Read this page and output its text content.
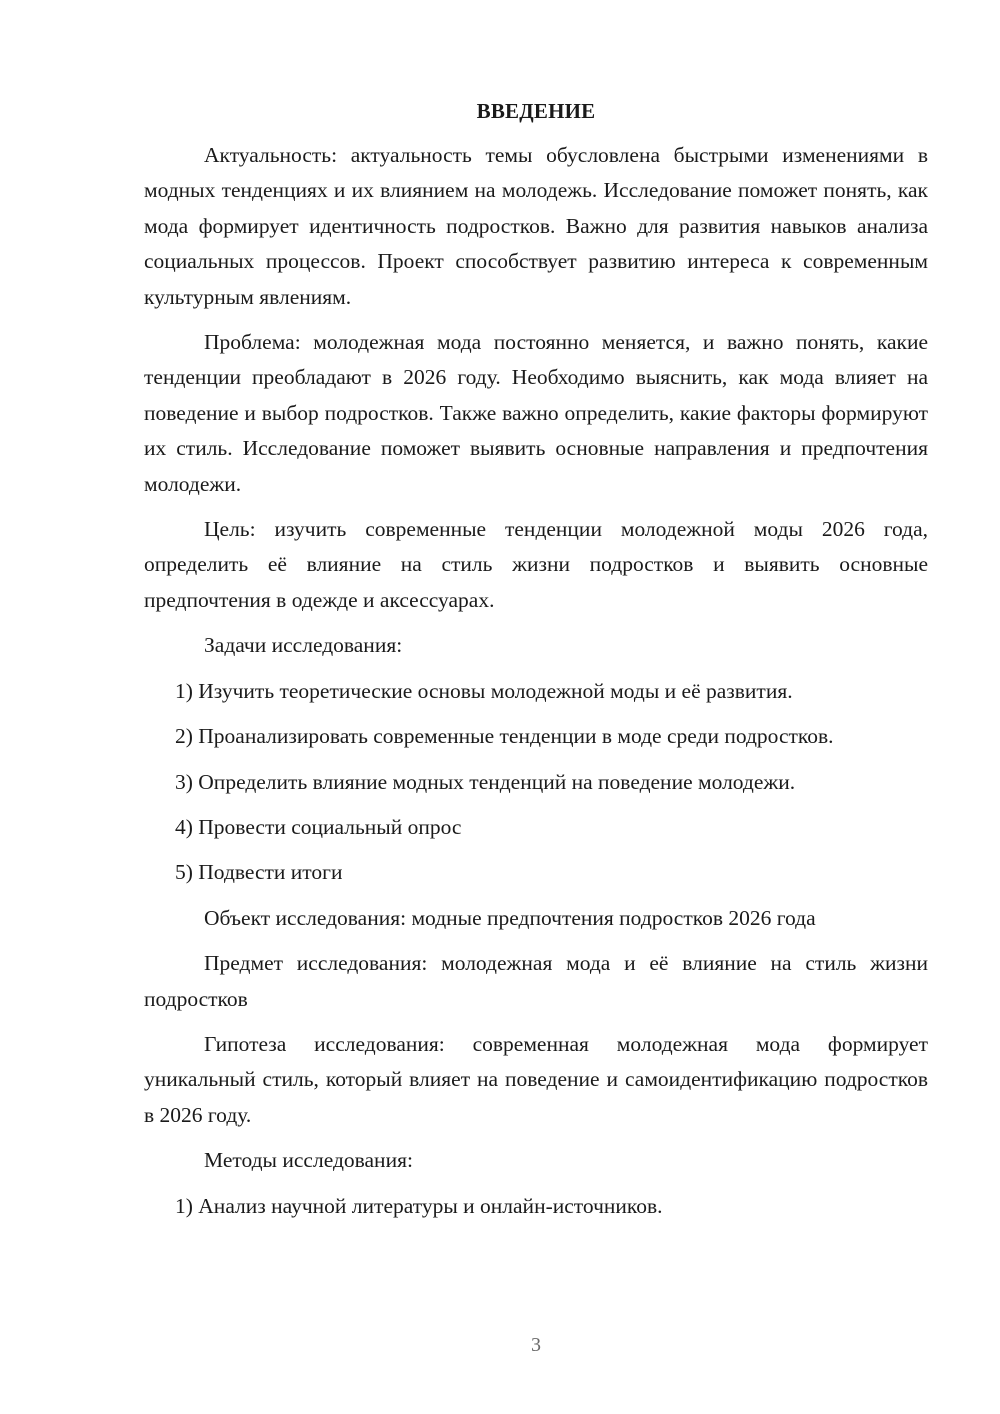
ВВЕДЕНИЕ

Актуальность: актуальность темы обусловлена быстрыми изменениями в модных тенденциях и их влиянием на молодежь. Исследование поможет понять, как мода формирует идентичность подростков. Важно для развития навыков анализа социальных процессов. Проект способствует развитию интереса к современным культурным явлениям.

Проблема: молодежная мода постоянно меняется, и важно понять, какие тенденции преобладают в 2026 году. Необходимо выяснить, как мода влияет на поведение и выбор подростков. Также важно определить, какие факторы формируют их стиль. Исследование поможет выявить основные направления и предпочтения молодежи.

Цель: изучить современные тенденции молодежной моды 2026 года, определить её влияние на стиль жизни подростков и выявить основные предпочтения в одежде и аксессуарах.

Задачи исследования:

1) Изучить теоретические основы молодежной моды и её развития.

2) Проанализировать современные тенденции в моде среди подростков.

3) Определить влияние модных тенденций на поведение молодежи.

4) Провести социальный опрос

5) Подвести итоги

Объект исследования: модные предпочтения подростков 2026 года

Предмет исследования: молодежная мода и её влияние на стиль жизни подростков

Гипотеза исследования: современная молодежная мода формирует уникальный стиль, который влияет на поведение и самоидентификацию подростков в 2026 году.

Методы исследования:

1) Анализ научной литературы и онлайн-источников.

3
